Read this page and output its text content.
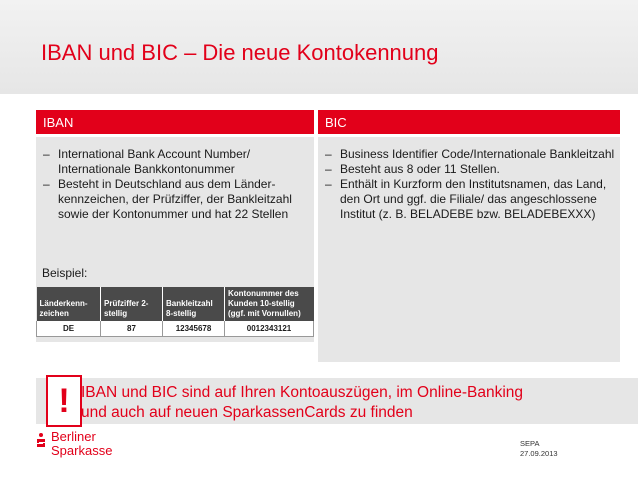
IBAN und BIC – Die neue Kontokennung
IBAN
– International Bank Account Number/ Internationale Bankkontonummer
– Besteht in Deutschland aus dem Länder-kennzeichen, der Prüfziffer, der Bankleitzahl sowie der Kontonummer und hat 22 Stellen
Beispiel:
Länderkenn-zeichen	Prüfziffer 2-stellig	Bankleitzahl 8-stellig	Kontonummer des Kunden 10-stellig (ggf. mit Vornullen)
DE	87	12345678	0012343121
BIC
– Business Identifier Code/Internationale Bankleitzahl
– Besteht aus 8 oder 11 Stellen.
– Enthält in Kurzform den Institutsnamen, das Land, den Ort und ggf. die Filiale/ das angeschlossene Institut (z. B. BELADEBE bzw. BELADEBEXXX)
! IBAN und BIC sind auf Ihren Kontoauszügen, im Online-Banking
und auch auf neuen SparkassenCards zu finden
Berliner
Sparkasse	SEPA
27.09.2013
